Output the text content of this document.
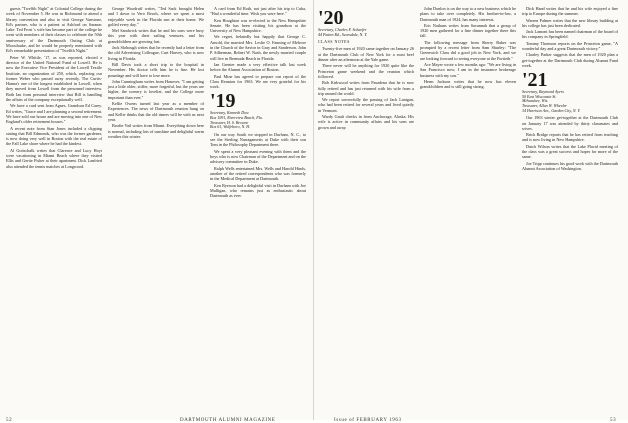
guests "Twelfth Night" at Colonial College during the week of November 5. He was in Richmond to attend a library convention and also to visit George Vanstone, Ed's partner, who is a patient at Ashford on Saranac Lake. Ted Frost 's wife has become part of the college he went with members of their classes to celebrate the 50th anniversary of the Dartmouth Outing Club at Moosilauke, and he would be properly mentioned with Ed's remarkable presentation of "Twelfth Night."

Peter W. Whittle, '17, as was reported, elected a director of the United National Fund of Lowell. He is now the Executive Vice President of the Lowell Textile Institute, an organization of 250, which, replacing our former Weber who passed away recently. The Curtis-Hanna's one of the longest established in Lowell, when they moved from Lowell from the personnel interview. Both Ian from personal interview that Bill is handling the affairs of the company exceptionally well.

We have a card sent from Agnes, Grandson Ed Carey. Ed writes, "Grace and I are planning a second retirement. We have sold our house and are moving into one of New England's older retirement houses."

A recent note from Stan Jones included a clipping stating that Bill Edmonds, who was the former gardener, is now doing very well in Boston with the real estate of the Fall Lake shore where he had the kindest.

Al Gottschalk writes that Clarence and Lucy Hoyt were vacationing in Miami Beach where they visited Ellis and Gertie Fisher at their apartment. Dick Lanfried also attended the tennis matches at Longwood.

George Woodruff writes, "Ted Sack brought Helen and I down to Vero Beach, where we spent a most enjoyable week in the Florida sun at their home. We golfed every day."

Mel Sandwick writes that he and his sons were busy this year with their sailing ventures, and his grandchildren are growing fast.

Jack Slobough writes that he recently had a letter from the old Advertising Colleague, Curt Harvey, who is now living in Florida.

Bill Davis took a short trip to the hospital in November. His doctor tells him he is fine. He lost poundage and will have to lose more.

John Cunningham writes from Hanover, "I am getting just a little older, stiffer, more forgetful, but the years are higher, the scenery is lovelier, and the College more important than ever."

Kellie Owens turned last year as a member of Experiences. The news of Dartmouth reunion hung on and Kellie thinks that the old timers will be with us next year.

Brodie Vail writes from Miami. Everything down here is normal, including lots of sunshine and delightful warm weather this winter.

A card from Ed Roth, not just after his trip to Cuba, "Had a wonderful time. Wish you were here."

Ken Houghton was re-elected to the New Hampshire Senate. He has been visiting his grandson at the University of New Hampshire.

We regret, belatedly but happily that George C. Arnold, the married Mrs. Leslie O. Fanning of Melrose in the Church of the Savior in Gray and Sanderson. John P. Silberman, Robert W. Nash, the newly married couple will live in Bermuda Beach in Florida.

Ian Grenier made a very effective talk last week before the Alumni Association of Boston.

Paul Mine has agreed to prepare our report of the Class Reunion for 1963. We are very grateful for his work.

'19
Secretary, Kenneth Dow
Box 1091, Riverview Beach, Fla.
Treasurer, H. S. Browne
Box 61, Wolfeboro, N. H.

On our way South we stopped in Durham, N. C., to see the Sterling Narragansetts at Duke with their son Tom in the Philosophy Department there.

We spent a very pleasant evening with them and the boys who is now Chairman of the Department and on the advisory committee in Duke.

Ralph Wells entertained Mrs. Wells and Harold Hinds, another of the retired correspondents who was formerly in the Medical Department at Dartmouth.

Ken Ryerson had a delightful visit in Durham with Joe Mulligan, who remains just as enthusiastic about Dartmouth as ever.

52	DARTMOUTH ALUMNI MAGAZINE
'20
Secretary, Charles F. Schaefer
44 Patten Rd., Scarsdale, N. Y.
CLASS NOTES

Twenty-five men of 1920 came together on January 26 at the Dartmouth Club of New York for a roast beef dinner after an afternoon at the Yale game.

There never will be anything for 1920 quite like the Princeton game weekend and the reunion which followed.

Bob Kirkwood writes from Pasadena that he is now fully retired and has just returned with his wife from a trip around the world.

We report sorrowfully the passing of Jack Lanigan, who had been retired for several years and lived quietly in Vermont.

Wardy Gault checks in from Anchorage, Alaska. His wife is active in community affairs and his sons are grown and away.

John Donlon is on the way to a new business which he plans to take over completely. His brother-in-law, a Dartmouth man of 1924, has many interests.

Eric Nathans writes from Savannah that a group of 1920 men gathered for a fine dinner together there this fall.

The following message from Sherry Baker was prompted by a recent letter from Sam Shurley: "The Greenwich Class did a good job in New York, and we are looking forward to seeing everyone at the Fortieth."

Ace Mayer wrote a few months ago: "We are living in San Francisco now; I am in the insurance brokerage business with my son."

Herm Jackson writes that he now has eleven grandchildren and is still going strong.

Dick Hand writes that he and his wife enjoyed a fine trip to Europe during the summer.

Warren Palmer writes that the new library building at his college has just been dedicated.

Jack Lamont has been named chairman of the board of his company in Springfield.

Tommy Thomson reports on the Princeton game, "A wonderful day and a great Dartmouth victory."

Charley Parker suggests that the men of 1920 plan a get-together at the Dartmouth Club during Alumni Fund week.

'21
Secretary, Raymond Ayers
50 East Wisconsin St.
Milwaukee, Wis.
Treasurer, Allan W. Wheeler
34 Harrison Ave., Garden City, N. Y.

Our 1963 winter get-together at the Dartmouth Club on January 17 was attended by thirty classmates and wives.

Brick Bridge reports that he has retired from teaching and is now living in New Hampshire.

Dutch Wilson writes that the Lake Placid meeting of the class was a great success and hopes for more of the same.

Joe Tripp continues his good work with the Dartmouth Alumni Association of Washington.

Issue of FEBRUARY 1963	53
